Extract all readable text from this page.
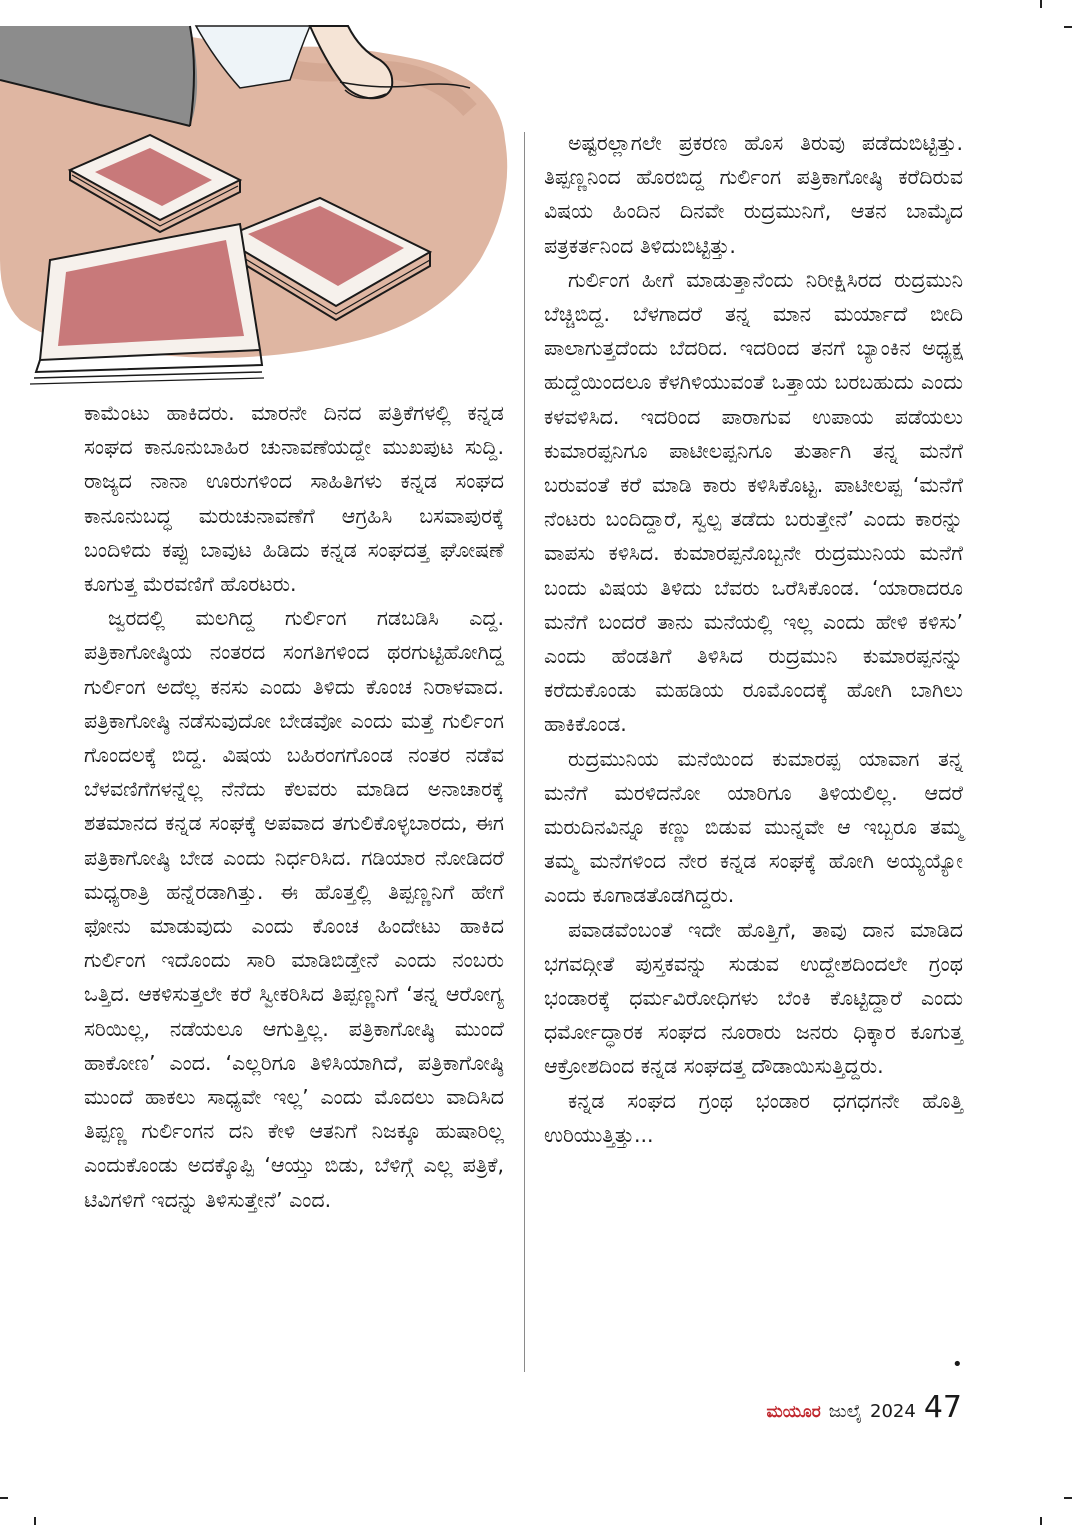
ಕಾಮೆಂಟು ಹಾಕಿದರು. ಮಾರನೇ ದಿನದ ಪತ್ರಿಕೆಗಳಲ್ಲಿ ಕನ್ನಡ ಸಂಘದ ಕಾನೂನುಬಾಹಿರ ಚುನಾವಣೆಯದ್ದೇ ಮುಖಪುಟ ಸುದ್ದಿ. ರಾಜ್ಯದ ನಾನಾ ಊರುಗಳಿಂದ ಸಾಹಿತಿಗಳು ಕನ್ನಡ ಸಂಘದ ಕಾನೂನುಬದ್ಧ ಮರುಚುನಾವಣೆಗೆ ಆಗ್ರಹಿಸಿ ಬಸವಾಪುರಕ್ಕೆ ಬಂದಿಳಿದು ಕಪ್ಪು ಬಾವುಟ ಹಿಡಿದು ಕನ್ನಡ ಸಂಘದತ್ತ ಘೋಷಣೆ ಕೂಗುತ್ತ ಮೆರವಣಿಗೆ ಹೊರಟರು.

ಜ್ವರದಲ್ಲಿ ಮಲಗಿದ್ದ ಗುರ್ಲಿಂಗ ಗಡಬಡಿಸಿ ಎದ್ದ. ಪತ್ರಿಕಾಗೋಷ್ಠಿಯ ನಂತರದ ಸಂಗತಿಗಳಿಂದ ಥರಗುಟ್ಟಿಹೋಗಿದ್ದ ಗುರ್ಲಿಂಗ ಅದೆಲ್ಲ ಕನಸು ಎಂದು ತಿಳಿದು ಕೊಂಚ ನಿರಾಳವಾದ. ಪತ್ರಿಕಾಗೋಷ್ಠಿ ನಡೆಸುವುದೋ ಬೇಡವೋ ಎಂದು ಮತ್ತೆ ಗುರ್ಲಿಂಗ ಗೊಂದಲಕ್ಕೆ ಬಿದ್ದ. ವಿಷಯ ಬಹಿರಂಗಗೊಂಡ ನಂತರ ನಡೆವ ಬೆಳವಣಿಗೆಗಳನ್ನೆಲ್ಲ ನೆನೆದು ಕೆಲವರು ಮಾಡಿದ ಅನಾಚಾರಕ್ಕೆ ಶತಮಾನದ ಕನ್ನಡ ಸಂಘಕ್ಕೆ ಅಪವಾದ ತಗುಲಿಕೊಳ್ಳಬಾರದು, ಈಗ ಪತ್ರಿಕಾಗೋಷ್ಠಿ ಬೇಡ ಎಂದು ನಿರ್ಧರಿಸಿದ. ಗಡಿಯಾರ ನೋಡಿದರೆ ಮಧ್ಯರಾತ್ರಿ ಹನ್ನೆರಡಾಗಿತ್ತು. ಈ ಹೊತ್ತಲ್ಲಿ ತಿಪ್ಪಣ್ಣನಿಗೆ ಹೇಗೆ ಫೋನು ಮಾಡುವುದು ಎಂದು ಕೊಂಚ ಹಿಂದೇಟು ಹಾಕಿದ ಗುರ್ಲಿಂಗ ಇದೊಂದು ಸಾರಿ ಮಾಡಿಬಿಡ್ತೇನೆ ಎಂದು ನಂಬರು ಒತ್ತಿದ. ಆಕಳಿಸುತ್ತಲೇ ಕರೆ ಸ್ವೀಕರಿಸಿದ ತಿಪ್ಪಣ್ಣನಿಗೆ ‘ತನ್ನ ಆರೋಗ್ಯ ಸರಿಯಿಲ್ಲ, ನಡೆಯಲೂ ಆಗುತ್ತಿಲ್ಲ. ಪತ್ರಿಕಾಗೋಷ್ಠಿ ಮುಂದೆ ಹಾಕೋಣ’ ಎಂದ. ‘ಎಲ್ಲರಿಗೂ ತಿಳಿಸಿಯಾಗಿದೆ, ಪತ್ರಿಕಾಗೋಷ್ಠಿ ಮುಂದೆ ಹಾಕಲು ಸಾಧ್ಯವೇ ಇಲ್ಲ’ ಎಂದು ಮೊದಲು ವಾದಿಸಿದ ತಿಪ್ಪಣ್ಣ ಗುರ್ಲಿಂಗನ ದನಿ ಕೇಳಿ ಆತನಿಗೆ ನಿಜಕ್ಕೂ ಹುಷಾರಿಲ್ಲ ಎಂದುಕೊಂಡು ಅದಕ್ಕೊಪ್ಪಿ ‘ಆಯ್ತು ಬಿಡು, ಬೆಳಿಗ್ಗೆ ಎಲ್ಲ ಪತ್ರಿಕೆ, ಟಿವಿಗಳಿಗೆ ಇದನ್ನು ತಿಳಿಸುತ್ತೇನೆ’ ಎಂದ.

ಅಷ್ಟರಲ್ಲಾಗಲೇ ಪ್ರಕರಣ ಹೊಸ ತಿರುವು ಪಡೆದುಬಿಟ್ಟಿತ್ತು. ತಿಪ್ಪಣ್ಣನಿಂದ ಹೊರಬಿದ್ದ ಗುರ್ಲಿಂಗ ಪತ್ರಿಕಾಗೋಷ್ಠಿ ಕರೆದಿರುವ ವಿಷಯ ಹಿಂದಿನ ದಿನವೇ ರುದ್ರಮುನಿಗೆ, ಆತನ ಬಾಮೈದ ಪತ್ರಕರ್ತನಿಂದ ತಿಳಿದುಬಿಟ್ಟಿತ್ತು.

ಗುರ್ಲಿಂಗ ಹೀಗೆ ಮಾಡುತ್ತಾನೆಂದು ನಿರೀಕ್ಷಿಸಿರದ ರುದ್ರಮುನಿ ಬೆಚ್ಚಿಬಿದ್ದ. ಬೆಳಗಾದರೆ ತನ್ನ ಮಾನ ಮರ್ಯಾದೆ ಬೀದಿ ಪಾಲಾಗುತ್ತದೆಂದು ಬೆದರಿದ. ಇದರಿಂದ ತನಗೆ ಬ್ಯಾಂಕಿನ ಅಧ್ಯಕ್ಷ ಹುದ್ದೆಯಿಂದಲೂ ಕೆಳಗಿಳಿಯುವಂತೆ ಒತ್ತಾಯ ಬರಬಹುದು ಎಂದು ಕಳವಳಿಸಿದ. ಇದರಿಂದ ಪಾರಾಗುವ ಉಪಾಯ ಪಡೆಯಲು ಕುಮಾರಪ್ಪನಿಗೂ ಪಾಟೀಲಪ್ಪನಿಗೂ ತುರ್ತಾಗಿ ತನ್ನ ಮನೆಗೆ ಬರುವಂತೆ ಕರೆ ಮಾಡಿ ಕಾರು ಕಳಿಸಿಕೊಟ್ಟ. ಪಾಟೀಲಪ್ಪ ‘ಮನೆಗೆ ನೆಂಟರು ಬಂದಿದ್ದಾರೆ, ಸ್ವಲ್ಪ ತಡೆದು ಬರುತ್ತೇನೆ’ ಎಂದು ಕಾರನ್ನು ವಾಪಸು ಕಳಿಸಿದ. ಕುಮಾರಪ್ಪನೊಬ್ಬನೇ ರುದ್ರಮುನಿಯ ಮನೆಗೆ ಬಂದು ವಿಷಯ ತಿಳಿದು ಬೆವರು ಒರೆಸಿಕೊಂಡ. ‘ಯಾರಾದರೂ ಮನೆಗೆ ಬಂದರೆ ತಾನು ಮನೆಯಲ್ಲಿ ಇಲ್ಲ ಎಂದು ಹೇಳಿ ಕಳಿಸು’ ಎಂದು ಹೆಂಡತಿಗೆ ತಿಳಿಸಿದ ರುದ್ರಮುನಿ ಕುಮಾರಪ್ಪನನ್ನು ಕರೆದುಕೊಂಡು ಮಹಡಿಯ ರೂಮೊಂದಕ್ಕೆ ಹೋಗಿ ಬಾಗಿಲು ಹಾಕಿಕೊಂಡ.

ರುದ್ರಮುನಿಯ ಮನೆಯಿಂದ ಕುಮಾರಪ್ಪ ಯಾವಾಗ ತನ್ನ ಮನೆಗೆ ಮರಳಿದನೋ ಯಾರಿಗೂ ತಿಳಿಯಲಿಲ್ಲ. ಆದರೆ ಮರುದಿನವಿನ್ನೂ ಕಣ್ಣು ಬಿಡುವ ಮುನ್ನವೇ ಆ ಇಬ್ಬರೂ ತಮ್ಮ ತಮ್ಮ ಮನೆಗಳಿಂದ ನೇರ ಕನ್ನಡ ಸಂಘಕ್ಕೆ ಹೋಗಿ ಅಯ್ಯಯ್ಯೋ ಎಂದು ಕೂಗಾಡತೊಡಗಿದ್ದರು.

ಪವಾಡವೆಂಬಂತೆ ಇದೇ ಹೊತ್ತಿಗೆ, ತಾವು ದಾನ ಮಾಡಿದ ಭಗವದ್ಗೀತೆ ಪುಸ್ತಕವನ್ನು ಸುಡುವ ಉದ್ದೇಶದಿಂದಲೇ ಗ್ರಂಥ ಭಂಡಾರಕ್ಕೆ ಧರ್ಮವಿರೋಧಿಗಳು ಬೆಂಕಿ ಕೊಟ್ಟಿದ್ದಾರೆ ಎಂದು ಧರ್ಮೋದ್ಧಾರಕ ಸಂಘದ ನೂರಾರು ಜನರು ಧಿಕ್ಕಾರ ಕೂಗುತ್ತ ಆಕ್ರೋಶದಿಂದ ಕನ್ನಡ ಸಂಘದತ್ತ ದೌಡಾಯಿಸುತ್ತಿದ್ದರು.

ಕನ್ನಡ ಸಂಘದ ಗ್ರಂಥ ಭಂಡಾರ ಧಗಧಗನೇ ಹೊತ್ತಿ ಉರಿಯುತ್ತಿತ್ತು...

•
ಮಯೂರ ಜುಲೈ 2024 47
